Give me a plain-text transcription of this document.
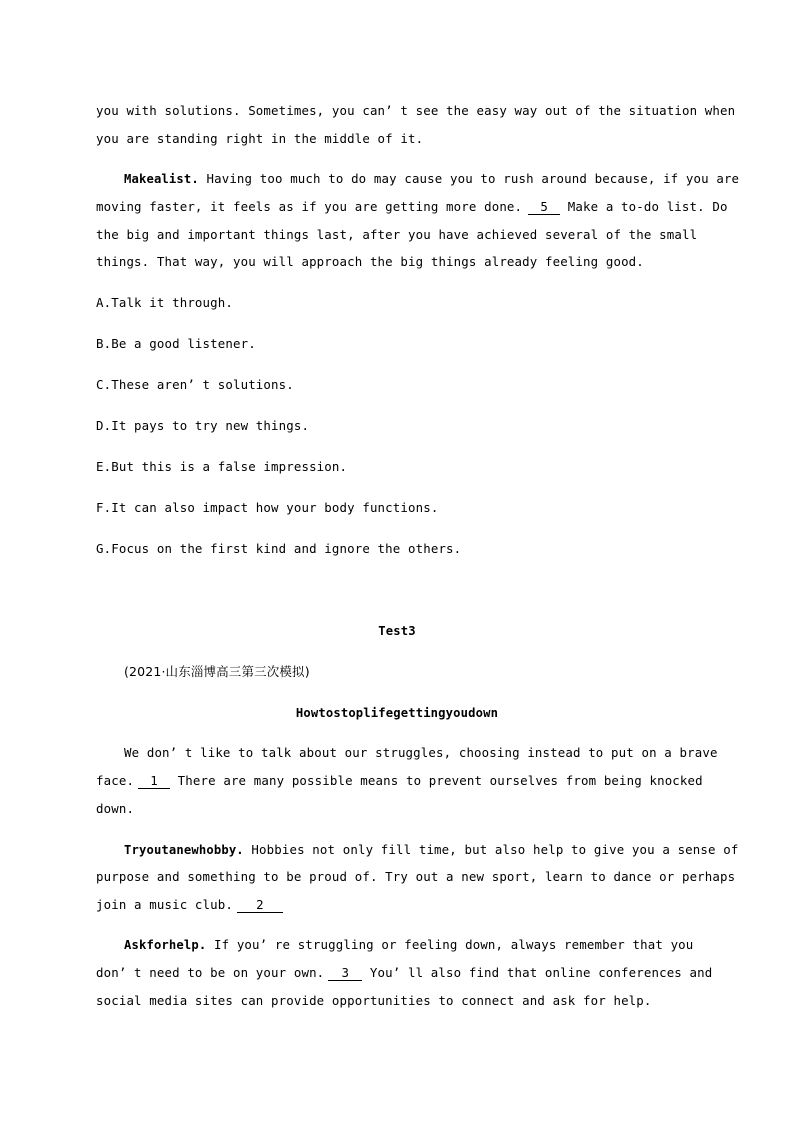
you with solutions. Sometimes, you can’ t see the easy way out of the situation when
you are standing right in the middle of it.
Makealist. Having too much to do may cause you to rush around because, if you are
moving faster, it feels as if you are getting more done. 5 Make a to-do list. Do
the big and important things last, after you have achieved several of the small
things. That way, you will approach the big things already feeling good.
A.Talk it through.
B.Be a good listener.
C.These aren’ t solutions.
D.It pays to try new things.
E.But this is a false impression.
F.It can also impact how your body functions.
G.Focus on the first kind and ignore the others.
Test3
(2021·山东淄博高三第三次模拟)
Howtostoplifegettingyoudown
We don’ t like to talk about our struggles, choosing instead to put on a brave
face. 1 There are many possible means to prevent ourselves from being knocked
down.
Tryoutanewhobby. Hobbies not only fill time, but also help to give you a sense of
purpose and something to be proud of. Try out a new sport, learn to dance or perhaps
join a music club. 2
Askforhelp. If you’ re struggling or feeling down, always remember that you
don’ t need to be on your own. 3 You’ ll also find that online conferences and
social media sites can provide opportunities to connect and ask for help.
